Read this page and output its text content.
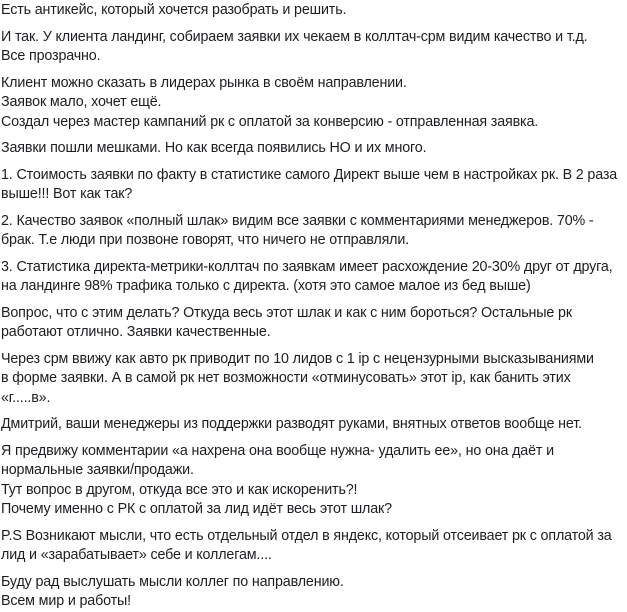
Есть антикейс, который хочется разобрать и решить.
И так. У клиента ландинг, собираем заявки их чекаем в коллтач-срм видим качество и т.д.
Все прозрачно.
Клиент можно сказать в лидерах рынка в своём направлении.
Заявок мало, хочет ещё.
Создал через мастер кампаний рк с оплатой за конверсию - отправленная заявка.
Заявки пошли мешками. Но как всегда появились НО и их много.
1. Стоимость заявки по факту в статистике самого Директ выше чем в настройках рк. В 2 раза
выше!!! Вот как так?
2. Качество заявок «полный шлак» видим все заявки с комментариями менеджеров. 70% -
брак. Т.е люди при позвоне говорят, что ничего не отправляли.
3. Статистика директа-метрики-коллтач по заявкам имеет расхождение 20-30% друг от друга,
на ландинге 98% трафика только с директа. (хотя это самое малое из бед выше)
Вопрос, что с этим делать? Откуда весь этот шлак и как с ним бороться? Остальные рк
работают отлично. Заявки качественные.
Через срм ввижу как авто рк приводит по 10 лидов с 1 ip с нецензурными высказываниями
в форме заявки. А в самой рк нет возможности «отминусовать» этот ip, как банить этих
«г.....в».
Дмитрий, ваши менеджеры из поддержки разводят руками, внятных ответов вообще нет.
Я предвижу комментарии «а нахрена она вообще нужна- удалить ее», но она даёт и
нормальные заявки/продажи.
Тут вопрос в другом, откуда все это и как искоренить?!
Почему именно с РК с оплатой за лид идёт весь этот шлак?
P.S Возникают мысли, что есть отдельный отдел в яндекс, который отсеивает рк с оплатой за
лид и «зарабатывает» себе и коллегам....
Буду рад выслушать мысли коллег по направлению.
Всем мир и работы!
